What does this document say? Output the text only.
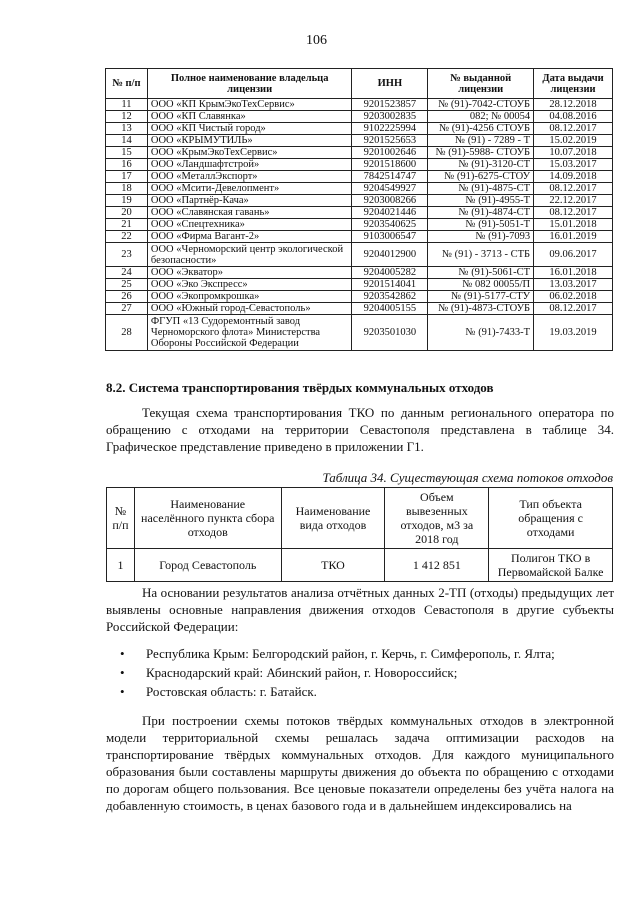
106
№ п/п	Полное наименование владельца лицензии	ИНН	№ выданной лицензии	Дата выдачи лицензии
11	ООО «КП КрымЭкоТехСервис»	9201523857	№ (91)-7042-СТОУБ	28.12.2018
12	ООО «КП Славянка»	9203002835	082; № 00054	04.08.2016
13	ООО «КП Чистый город»	9102225994	№ (91)-4256 СТОУБ	08.12.2017
14	ООО «КРЫМУТИЛЬ»	9201525653	№ (91) - 7289 - Т	15.02.2019
15	ООО «КрымЭкоТехСервис»	9201002646	№ (91)-5988- СТОУБ	10.07.2018
16	ООО «Ландшафтстрой»	9201518600	№ (91)-3120-СТ	15.03.2017
17	ООО «МеталлЭкспорт»	7842514747	№ (91)-6275-СТОУ	14.09.2018
18	ООО «Мсити-Девелопмент»	9204549927	№ (91)-4875-СТ	08.12.2017
19	ООО «Партнёр-Кача»	9203008266	№ (91)-4955-Т	22.12.2017
20	ООО «Славянская гавань»	9204021446	№ (91)-4874-СТ	08.12.2017
21	ООО «Спецтехника»	9203540625	№ (91)-5051-Т	15.01.2018
22	ООО «Фирма Вагант-2»	9103006547	№ (91)-7093	16.01.2019
23	ООО «Черноморский центр экологической безопасности»	9204012900	№ (91) - 3713 - СТБ	09.06.2017
24	ООО «Экватор»	9204005282	№ (91)-5061-СТ	16.01.2018
25	ООО «Эко Экспресс»	9201514041	№ 082 00055/П	13.03.2017
26	ООО «Экопромкрошка»	9203542862	№ (91)-5177-СТУ	06.02.2018
27	ООО «Южный город-Севастополь»	9204005155	№ (91)-4873-СТОУБ	08.12.2017
28	ФГУП «13 Судоремонтный завод Черноморского флота» Министерства Обороны Российской Федерации	9203501030	№ (91)-7433-Т	19.03.2019
8.2. Система транспортирования твёрдых коммунальных отходов
Текущая схема транспортирования ТКО по данным регионального оператора по обращению с отходами на территории Севастополя представлена в таблице 34. Графическое представление приведено в приложении Г1.
Таблица 34. Существующая схема потоков отходов
№ п/п	Наименование населённого пункта сбора отходов	Наименование вида отходов	Объем вывезенных отходов, м3 за 2018 год	Тип объекта обращения с отходами
1	Город Севастополь	ТКО	1 412 851	Полигон ТКО в Первомайской Балке
На основании результатов анализа отчётных данных 2-ТП (отходы) предыдущих лет выявлены основные направления движения отходов Севастополя в другие субъекты Российской Федерации:
• Республика Крым: Белгородский район, г. Керчь, г. Симферополь, г. Ялта;
• Краснодарский край: Абинский район, г. Новороссийск;
• Ростовская область: г. Батайск.
При построении схемы потоков твёрдых коммунальных отходов в электронной модели территориальной схемы решалась задача оптимизации расходов на транспортирование твёрдых коммунальных отходов. Для каждого муниципального образования были составлены маршруты движения до объекта по обращению с отходами по дорогам общего пользования. Все ценовые показатели определены без учёта налога на добавленную стоимость, в ценах базового года и в дальнейшем индексировались на
